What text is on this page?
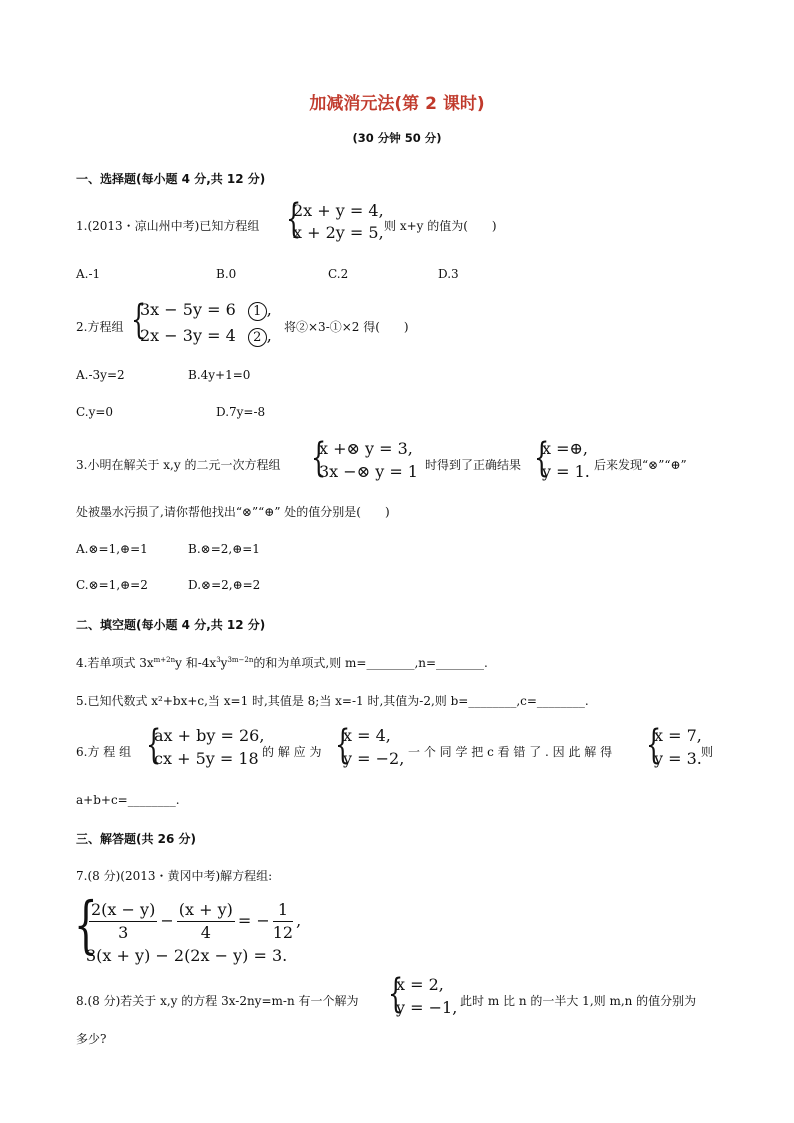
加减消元法(第 2 课时)
(30 分钟 50 分)
一、选择题(每小题 4 分,共 12 分)
1.(2013・凉山州中考)已知方程组 {
2x + y = 4,
x + 2y = 5, 则 x+y 的值为(　　)
A.-1	B.0	C.2	D.3
2.方程组 {
3x − 5y = 6 1 ,
2x − 3y = 4 2 , 将②×3-①×2 得(　　)
A.-3y=2	B.4y+1=0
C.y=0	D.7y=-8
3.小明在解关于 x,y 的二元一次方程组 {
x +⊗ y = 3,
3x −⊗ y = 1 时得到了正确结果 {
x =⊕,
y = 1. 后来发现“⊗”“⊕”
处被墨水污损了,请你帮他找出“⊗”“⊕” 处的值分别是(　　)
A.⊗=1,⊕=1	B.⊗=2,⊕=1
C.⊗=1,⊕=2	D.⊗=2,⊕=2
二、填空题(每小题 4 分,共 12 分)
4.若单项式 $3x^{m+2n}y$ 和$-4x^3y^{3m-2n}$的和为单项式,则 m=________,n=________.
5.已知代数式 x²+bx+c,当 x=1 时,其值是 8;当 x=-1 时,其值为-2,则 b=________,c=________.
6.方 程 组 {
ax + by = 26,
cx + 5y = 18 的 解 应 为 {
x = 4,
y = −2, 一 个 同 学 把 c 看 错 了 . 因 此 解 得 {
x = 7,
y = 3. 则
a+b+c=________.
三、解答题(共 26 分)
7.(8 分)(2013・黄冈中考)解方程组:
{
$\frac{2(x - y)}{3} - \frac{(x + y)}{4}$ = − $\frac{1}{12}$ ,
3(x + y) − 2(2x − y) = 3.
8.(8 分)若关于 x,y 的方程 3x-2ny=m-n 有一个解为 {
x = 2,
y = −1, 此时 m 比 n 的一半大 1,则 m,n 的值分别为
多少?
